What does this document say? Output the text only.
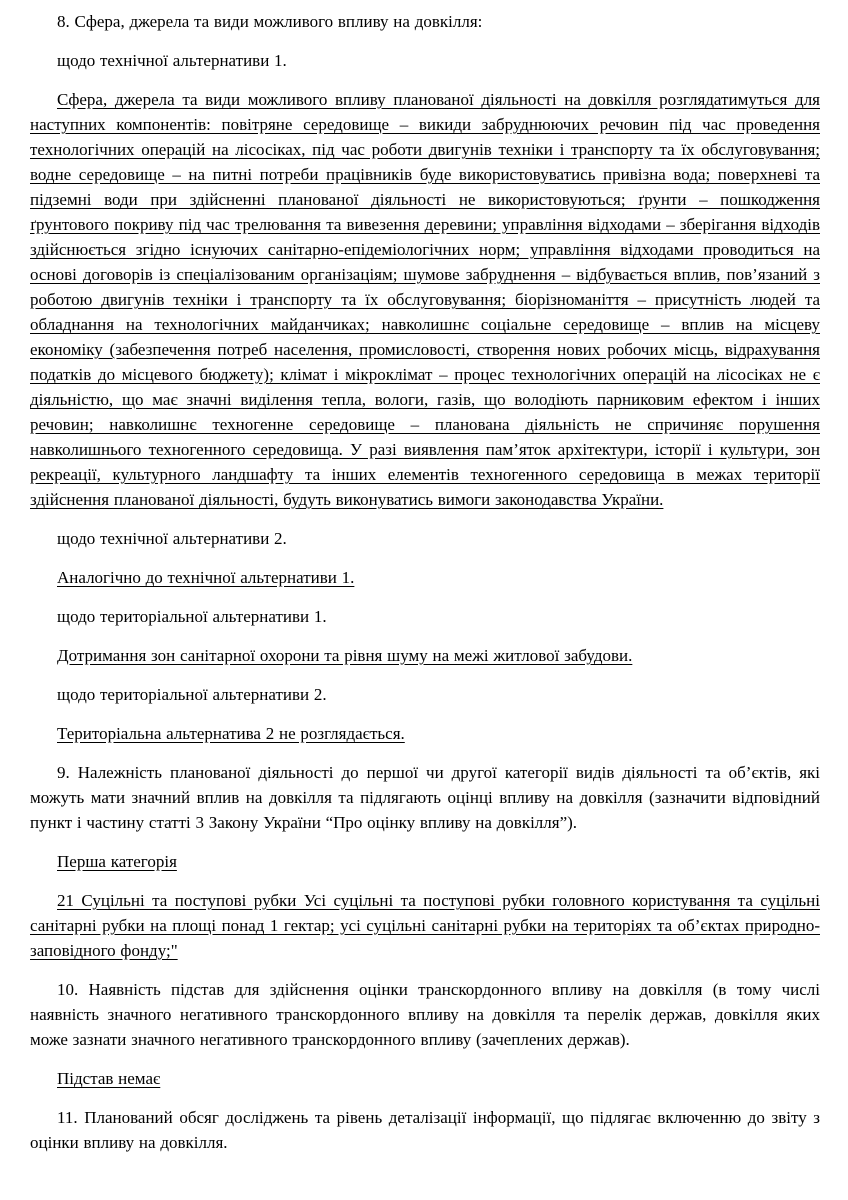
8. Сфера, джерела та види можливого впливу на довкілля:

щодо технічної альтернативи 1.

Сфера, джерела та види можливого впливу планованої діяльності на довкілля розглядатимуться для наступних компонентів: повітряне середовище – викиди забруднюючих речовин під час проведення технологічних операцій на лісосіках, під час роботи двигунів техніки і транспорту та їх обслуговування; водне середовище – на питні потреби працівників буде використовуватись привізна вода; поверхневі та підземні води при здійсненні планованої діяльності не використовуються; ґрунти – пошкодження ґрунтового покриву під час трелювання та вивезення деревини; управління відходами – зберігання відходів здійснюється згідно існуючих санітарно-епідеміологічних норм; управління відходами проводиться на основі договорів із спеціалізованим організаціям; шумове забруднення – відбувається вплив, пов’язаний з роботою двигунів техніки і транспорту та їх обслуговування; біорізноманіття – присутність людей та обладнання на технологічних майданчиках; навколишнє соціальне середовище – вплив на місцеву економіку (забезпечення потреб населення, промисловості, створення нових робочих місць, відрахування податків до місцевого бюджету); клімат і мікроклімат – процес технологічних операцій на лісосіках не є діяльністю, що має значні виділення тепла, вологи, газів, що володіють парниковим ефектом і інших речовин; навколишнє техногенне середовище – планована діяльність не спричиняє порушення навколишнього техногенного середовища. У разі виявлення пам’яток архітектури, історії і культури, зон рекреації, культурного ландшафту та інших елементів техногенного середовища в межах території здійснення планованої діяльності, будуть виконуватись вимоги законодавства України.

щодо технічної альтернативи 2.

Аналогічно до технічної альтернативи 1.

щодо територіальної альтернативи 1.

Дотримання зон санітарної охорони та рівня шуму на межі житлової забудови.

щодо територіальної альтернативи 2.

Територіальна альтернатива 2 не розглядається.

9. Належність планованої діяльності до першої чи другої категорії видів діяльності та об’єктів, які можуть мати значний вплив на довкілля та підлягають оцінці впливу на довкілля (зазначити відповідний пункт і частину статті 3 Закону України “Про оцінку впливу на довкілля”).

Перша категорія

21 Суцільні та поступові рубки Усі суцільні та поступові рубки головного користування та суцільні санітарні рубки на площі понад 1 гектар; усі суцільні санітарні рубки на територіях та об’єктах природно-заповідного фонду;"

10. Наявність підстав для здійснення оцінки транскордонного впливу на довкілля (в тому числі наявність значного негативного транскордонного впливу на довкілля та перелік держав, довкілля яких може зазнати значного негативного транскордонного впливу (зачеплених держав).

Підстав немає

11. Планований обсяг досліджень та рівень деталізації інформації, що підлягає включенню до звіту з оцінки впливу на довкілля.
